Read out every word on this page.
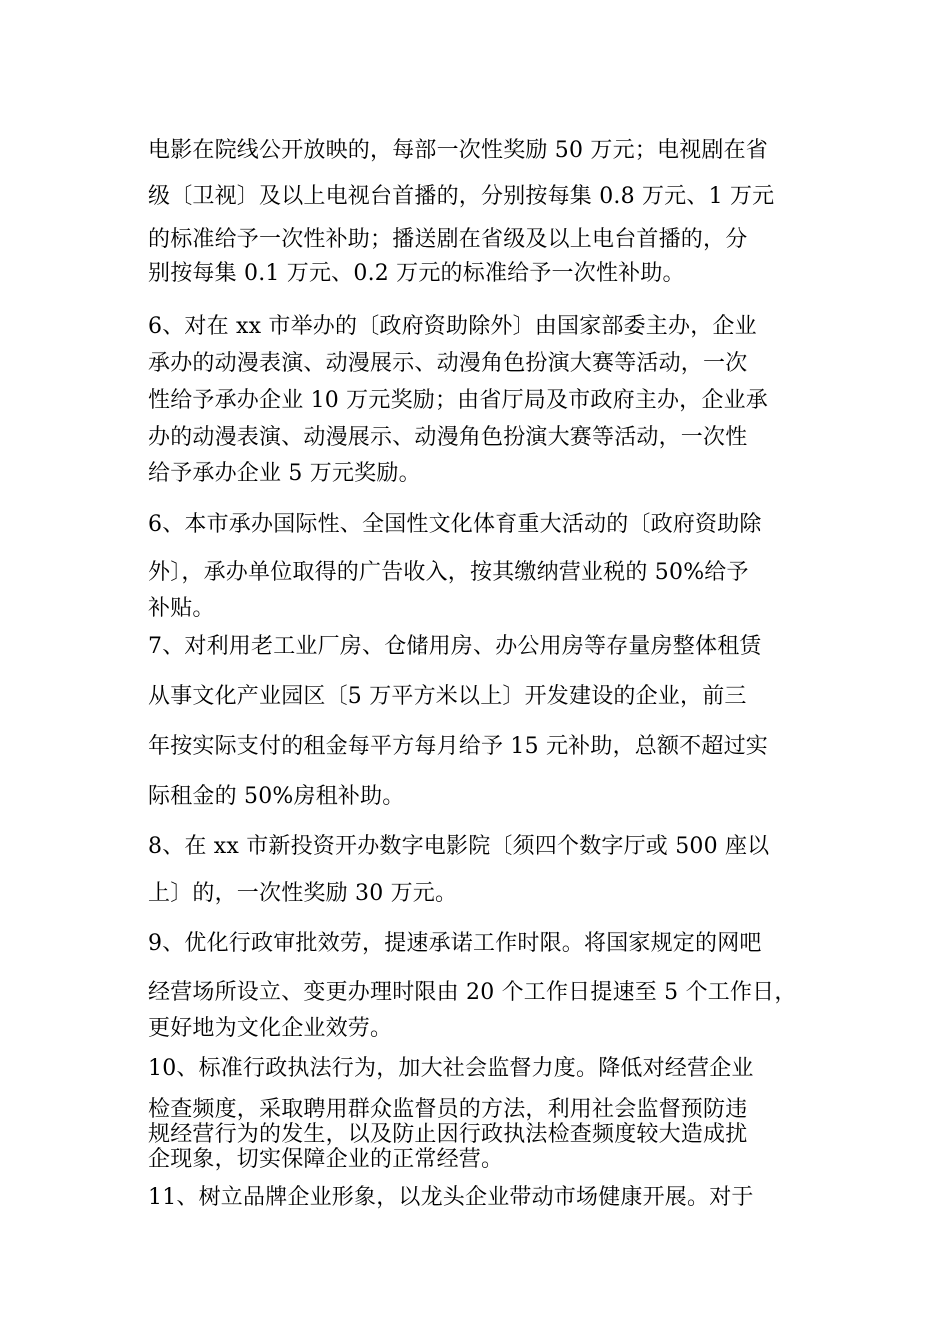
电影在院线公开放映的，每部一次性奖励 50 万元；电视剧在省
级〔卫视〕及以上电视台首播的，分别按每集 0.8 万元、1 万元
的标准给予一次性补助；播送剧在省级及以上电台首播的，分
别按每集 0.1 万元、0.2 万元的标准给予一次性补助。
6、对在 xx 市举办的〔政府资助除外〕由国家部委主办，企业
承办的动漫表演、动漫展示、动漫角色扮演大赛等活动，一次
性给予承办企业 10 万元奖励；由省厅局及市政府主办，企业承
办的动漫表演、动漫展示、动漫角色扮演大赛等活动，一次性
给予承办企业 5 万元奖励。
6、本市承办国际性、全国性文化体育重大活动的〔政府资助除
外〕，承办单位取得的广告收入，按其缴纳营业税的 50%给予
补贴。
7、对利用老工业厂房、仓储用房、办公用房等存量房整体租赁
从事文化产业园区〔5 万平方米以上〕开发建设的企业，前三
年按实际支付的租金每平方每月给予 15 元补助，总额不超过实
际租金的 50%房租补助。
8、在 xx 市新投资开办数字电影院〔须四个数字厅或 500 座以
上〕的，一次性奖励 30 万元。
9、优化行政审批效劳，提速承诺工作时限。将国家规定的网吧
经营场所设立、变更办理时限由 20 个工作日提速至 5 个工作日，
更好地为文化企业效劳。
10、标准行政执法行为，加大社会监督力度。降低对经营企业
检查频度，采取聘用群众监督员的方法，利用社会监督预防违
规经营行为的发生，以及防止因行政执法检查频度较大造成扰
企现象，切实保障企业的正常经营。
11、树立品牌企业形象，以龙头企业带动市场健康开展。对于
